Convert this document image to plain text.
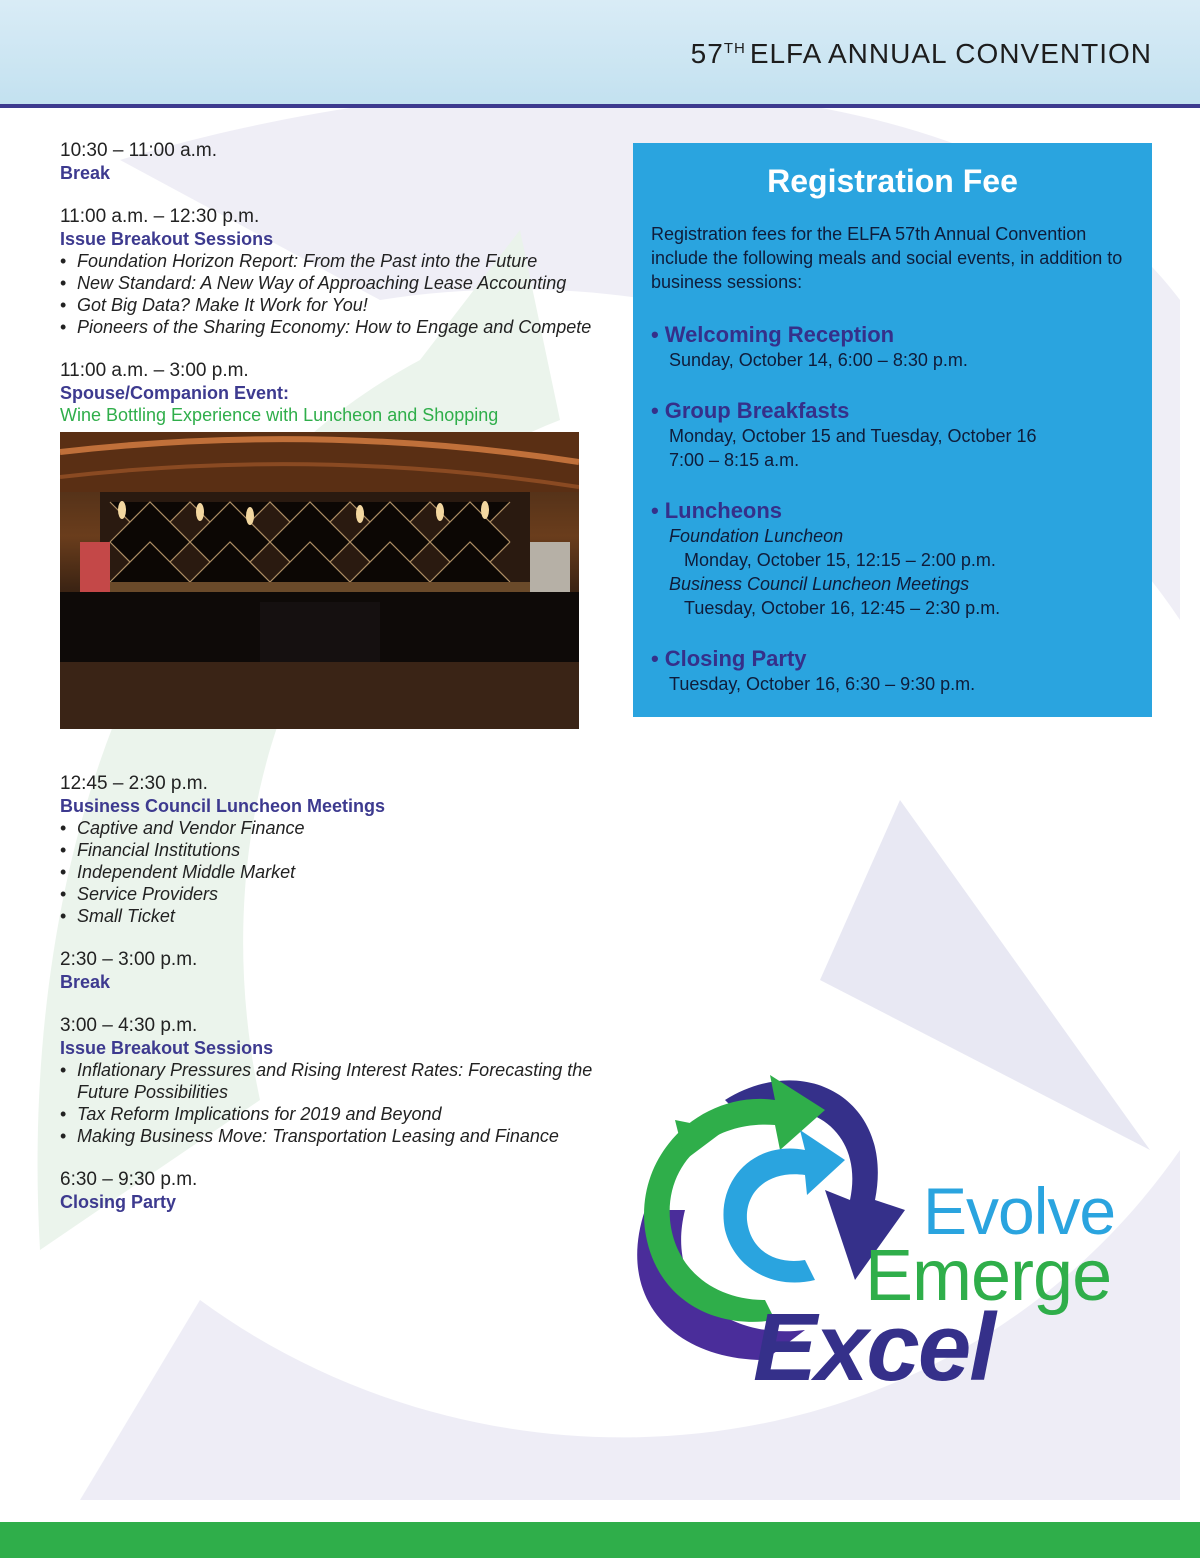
57TH ELFA ANNUAL CONVENTION
10:30 – 11:00 a.m.
Break
11:00 a.m. – 12:30 p.m.
Issue Breakout Sessions
• Foundation Horizon Report: From the Past into the Future
• New Standard: A New Way of Approaching Lease Accounting
• Got Big Data? Make It Work for You!
• Pioneers of the Sharing Economy: How to Engage and Compete
11:00 a.m. – 3:00 p.m.
Spouse/Companion Event:
Wine Bottling Experience with Luncheon and Shopping
12:45 – 2:30 p.m.
Business Council Luncheon Meetings
• Captive and Vendor Finance
• Financial Institutions
• Independent Middle Market
• Service Providers
• Small Ticket
2:30 – 3:00 p.m.
Break
3:00 – 4:30 p.m.
Issue Breakout Sessions
• Inflationary Pressures and Rising Interest Rates: Forecasting the Future Possibilities
• Tax Reform Implications for 2019 and Beyond
• Making Business Move: Transportation Leasing and Finance
6:30 – 9:30 p.m.
Closing Party
Registration Fee
Registration fees for the ELFA 57th Annual Convention include the following meals and social events, in addition to business sessions:
• Welcoming Reception
Sunday, October 14, 6:00 – 8:30 p.m.
• Group Breakfasts
Monday, October 15 and Tuesday, October 16
7:00 – 8:15 a.m.
• Luncheons
Foundation Luncheon
Monday, October 15, 12:15 – 2:00 p.m.
Business Council Luncheon Meetings
Tuesday, October 16, 12:45 – 2:30 p.m.
• Closing Party
Tuesday, October 16, 6:30 – 9:30 p.m.
Evolve
Emerge
Excel
